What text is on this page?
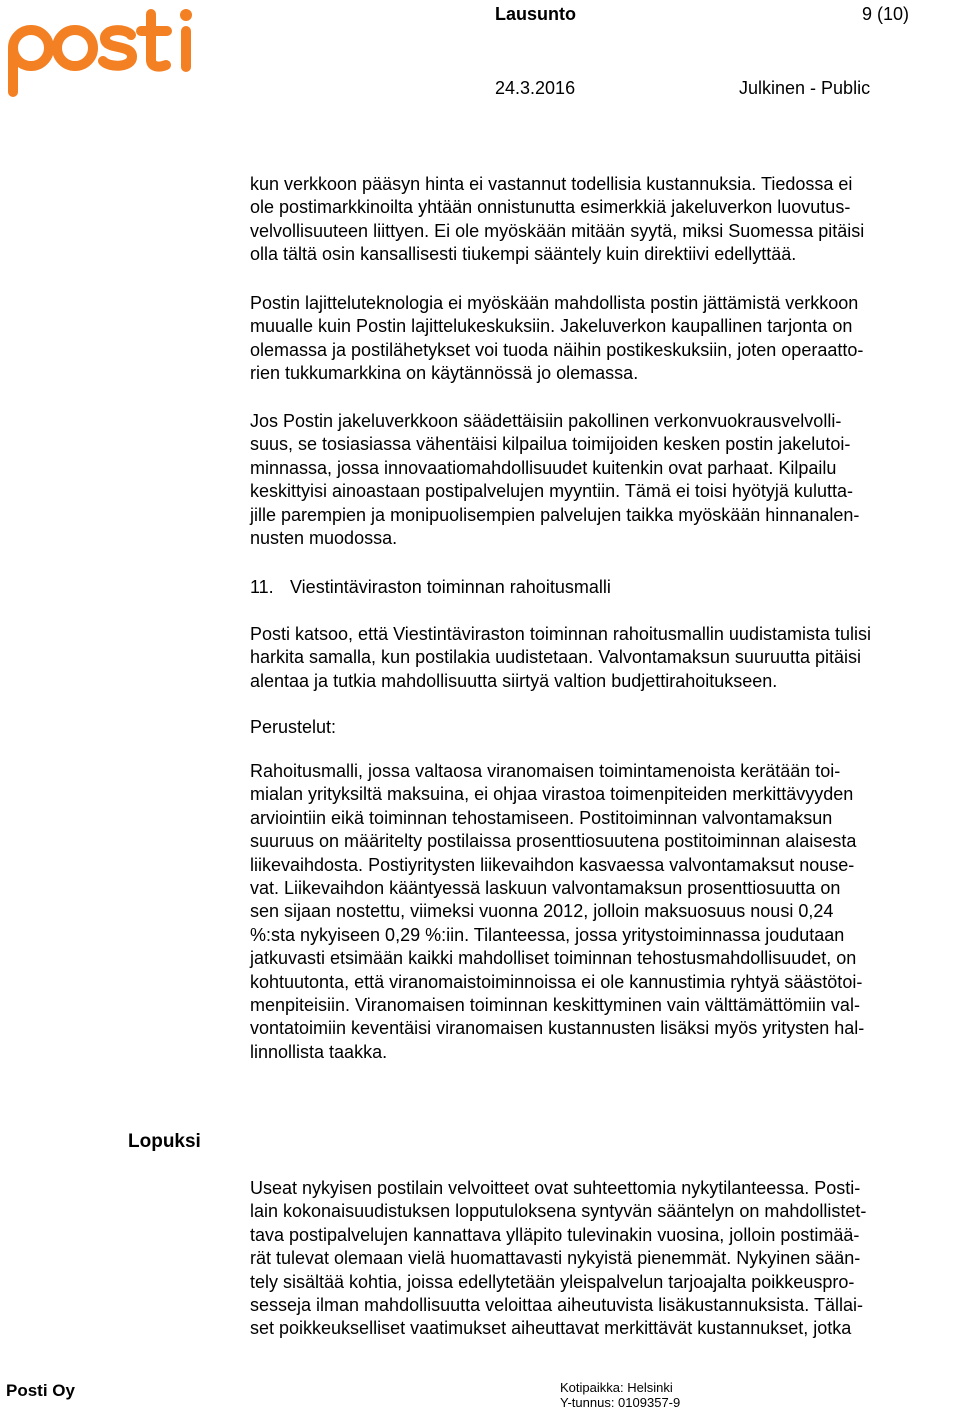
Lausunto	9 (10)
24.3.2016	Julkinen - Public
kun verkkoon pääsyn hinta ei vastannut todellisia kustannuksia. Tiedossa ei
ole postimarkkinoilta yhtään onnistunutta esimerkkiä jakeluverkon luovutus-
velvollisuuteen liittyen. Ei ole myöskään mitään syytä, miksi Suomessa pitäisi
olla tältä osin kansallisesti tiukempi sääntely kuin direktiivi edellyttää.
Postin lajitteluteknologia ei myöskään mahdollista postin jättämistä verkkoon
muualle kuin Postin lajittelukeskuksiin. Jakeluverkon kaupallinen tarjonta on
olemassa ja postilähetykset voi tuoda näihin postikeskuksiin, joten operaatto-
rien tukkumarkkina on käytännössä jo olemassa.
Jos Postin jakeluverkkoon säädettäisiin pakollinen verkonvuokrausvelvolli-
suus, se tosiasiassa vähentäisi kilpailua toimijoiden kesken postin jakelutoi-
minnassa, jossa innovaatiomahdollisuudet kuitenkin ovat parhaat. Kilpailu
keskittyisi ainoastaan postipalvelujen myyntiin. Tämä ei toisi hyötyjä kulutta-
jille parempien ja monipuolisempien palvelujen taikka myöskään hinnanalen-
nusten muodossa.
11. Viestintäviraston toiminnan rahoitusmalli
Posti katsoo, että Viestintäviraston toiminnan rahoitusmallin uudistamista tulisi
harkita samalla, kun postilakia uudistetaan. Valvontamaksun suuruutta pitäisi
alentaa ja tutkia mahdollisuutta siirtyä valtion budjettirahoitukseen.
Perustelut:
Rahoitusmalli, jossa valtaosa viranomaisen toimintamenoista kerätään toi-
mialan yrityksiltä maksuina, ei ohjaa virastoa toimenpiteiden merkittävyyden
arviointiin eikä toiminnan tehostamiseen. Postitoiminnan valvontamaksun
suuruus on määritelty postilaissa prosenttiosuutena postitoiminnan alaisesta
liikevaihdosta. Postiyritysten liikevaihdon kasvaessa valvontamaksut nouse-
vat. Liikevaihdon kääntyessä laskuun valvontamaksun prosenttiosuutta on
sen sijaan nostettu, viimeksi vuonna 2012, jolloin maksuosuus nousi 0,24
%:sta nykyiseen 0,29 %:iin. Tilanteessa, jossa yritystoiminnassa joudutaan
jatkuvasti etsimään kaikki mahdolliset toiminnan tehostusmahdollisuudet, on
kohtuutonta, että viranomaistoiminnoissa ei ole kannustimia ryhtyä säästötoi-
menpiteisiin. Viranomaisen toiminnan keskittyminen vain välttämättömiin val-
vontatoimiin keventäisi viranomaisen kustannusten lisäksi myös yritysten hal-
linnollista taakka.
Lopuksi
Useat nykyisen postilain velvoitteet ovat suhteettomia nykytilanteessa. Posti-
lain kokonaisuudistuksen lopputuloksena syntyvän sääntelyn on mahdollistet-
tava postipalvelujen kannattava ylläpito tulevinakin vuosina, jolloin postimää-
rät tulevat olemaan vielä huomattavasti nykyistä pienemmät. Nykyinen sään-
tely sisältää kohtia, joissa edellytetään yleispalvelun tarjoajalta poikkeuspro-
sesseja ilman mahdollisuutta veloittaa aiheutuvista lisäkustannuksista. Tällai-
set poikkeukselliset vaatimukset aiheuttavat merkittävät kustannukset, jotka
Posti Oy	Kotipaikka: Helsinki
Y-tunnus: 0109357-9
